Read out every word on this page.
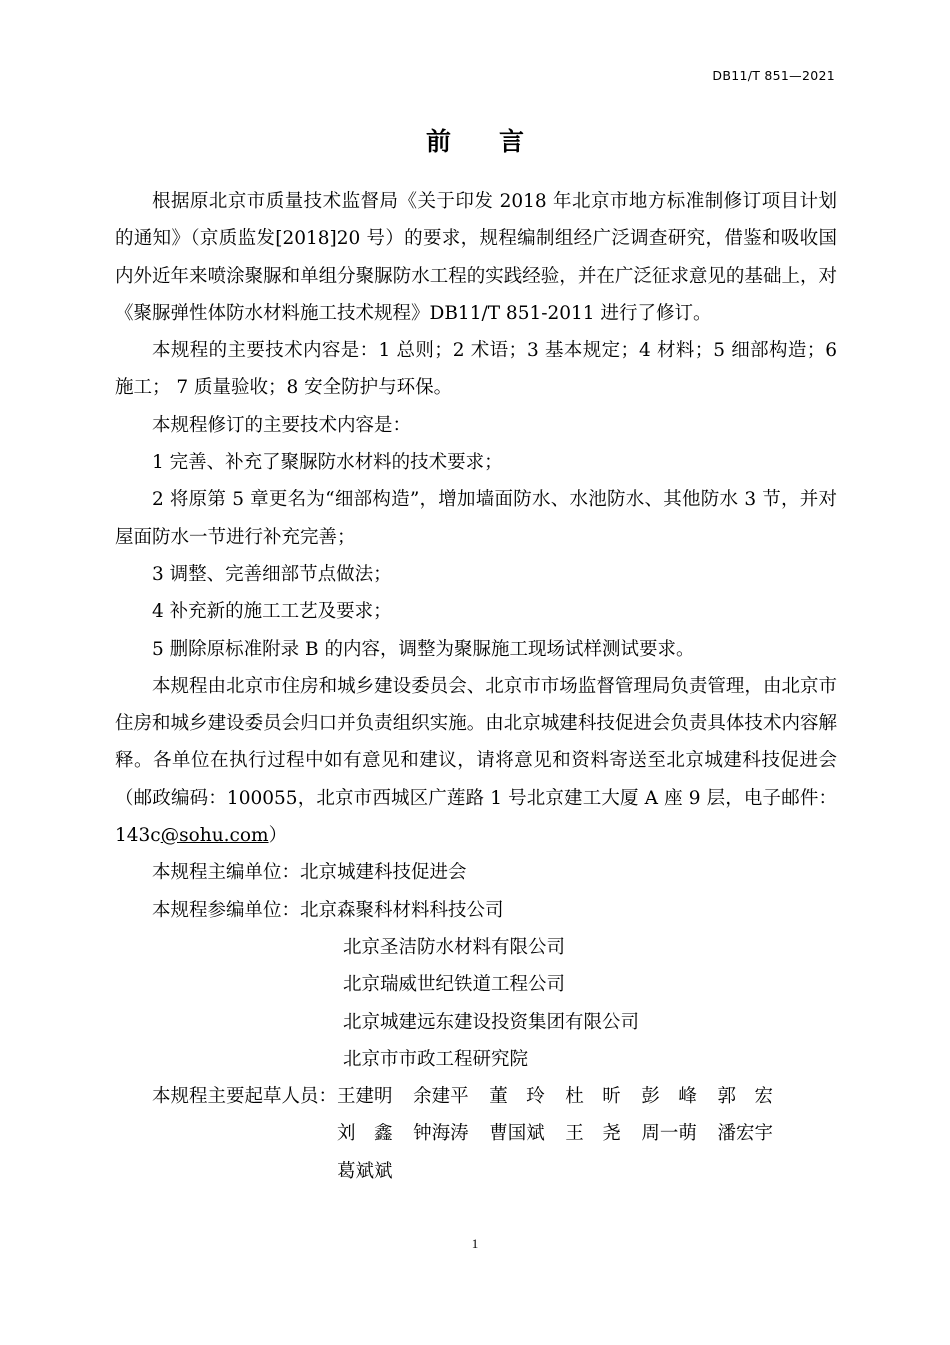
DB11/T 851—2021
前言

根据原北京市质量技术监督局《关于印发 2018 年北京市地方标准制修订项目计划的通知》（京质监发[2018]20 号）的要求，规程编制组经广泛调查研究，借鉴和吸收国内外近年来喷涂聚脲和单组分聚脲防水工程的实践经验，并在广泛征求意见的基础上，对《聚脲弹性体防水材料施工技术规程》DB11/T 851-2011 进行了修订。

本规程的主要技术内容是：1 总则；2 术语；3 基本规定；4 材料；5 细部构造；6 施工； 7 质量验收；8 安全防护与环保。

本规程修订的主要技术内容是：

1 完善、补充了聚脲防水材料的技术要求；

2 将原第 5 章更名为“细部构造”，增加墙面防水、水池防水、其他防水 3 节，并对屋面防水一节进行补充完善；

3 调整、完善细部节点做法；

4 补充新的施工工艺及要求；

5 删除原标准附录 B 的内容，调整为聚脲施工现场试样测试要求。

本规程由北京市住房和城乡建设委员会、北京市市场监督管理局负责管理，由北京市住房和城乡建设委员会归口并负责组织实施。由北京城建科技促进会负责具体技术内容解释。各单位在执行过程中如有意见和建议，请将意见和资料寄送至北京城建科技促进会（邮政编码：100055，北京市西城区广莲路 1 号北京建工大厦 A 座 9 层，电子邮件：143c@sohu.com）

本规程主编单位： 北京城建科技促进会
本规程参编单位： 北京森聚科材料科技公司
北京圣洁防水材料有限公司
北京瑞威世纪铁道工程公司
北京城建远东建设投资集团有限公司
北京市市政工程研究院
本规程主要起草人员： 王建明	余建平	董　玲	杜　昕	彭　峰	郭　宏
刘　鑫	钟海涛	曹国斌	王　尧	周一萌	潘宏宇
葛斌斌
1
